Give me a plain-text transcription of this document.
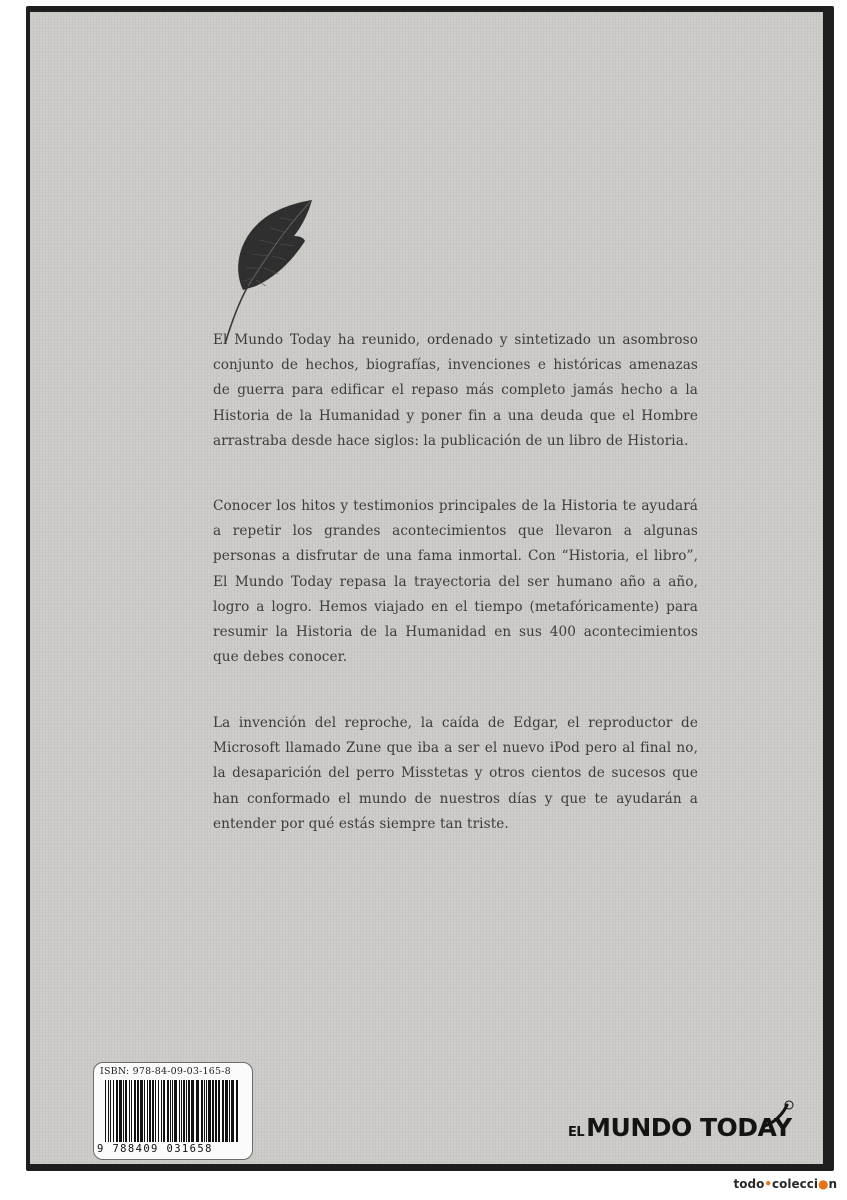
El Mundo Today ha reunido, ordenado y sintetizado un asombroso conjunto de hechos, biografías, invenciones e históricas amenazas de guerra para edificar el repaso más completo jamás hecho a la Historia de la Humanidad y poner fin a una deuda que el Hombre arrastraba desde hace siglos: la publicación de un libro de Historia.

Conocer los hitos y testimonios principales de la Historia te ayudará a repetir los grandes acontecimientos que llevaron a algunas personas a disfrutar de una fama inmortal. Con “Historia, el libro”, El Mundo Today repasa la trayectoria del ser humano año a año, logro a logro. Hemos viajado en el tiempo (metafóricamente) para resumir la Historia de la Humanidad en sus 400 acontecimientos que debes conocer.

La invención del reproche, la caída de Edgar, el reproductor de Microsoft llamado Zune que iba a ser el nuevo iPod pero al final no, la desaparición del perro Misstetas y otros cientos de sucesos que han conformado el mundo de nuestros días y que te ayudarán a entender por qué estás siempre tan triste.

ISBN: 978-84-09-03-165-8
9 788409 031658
EL MUNDO TODAY
todo•colecci●n
